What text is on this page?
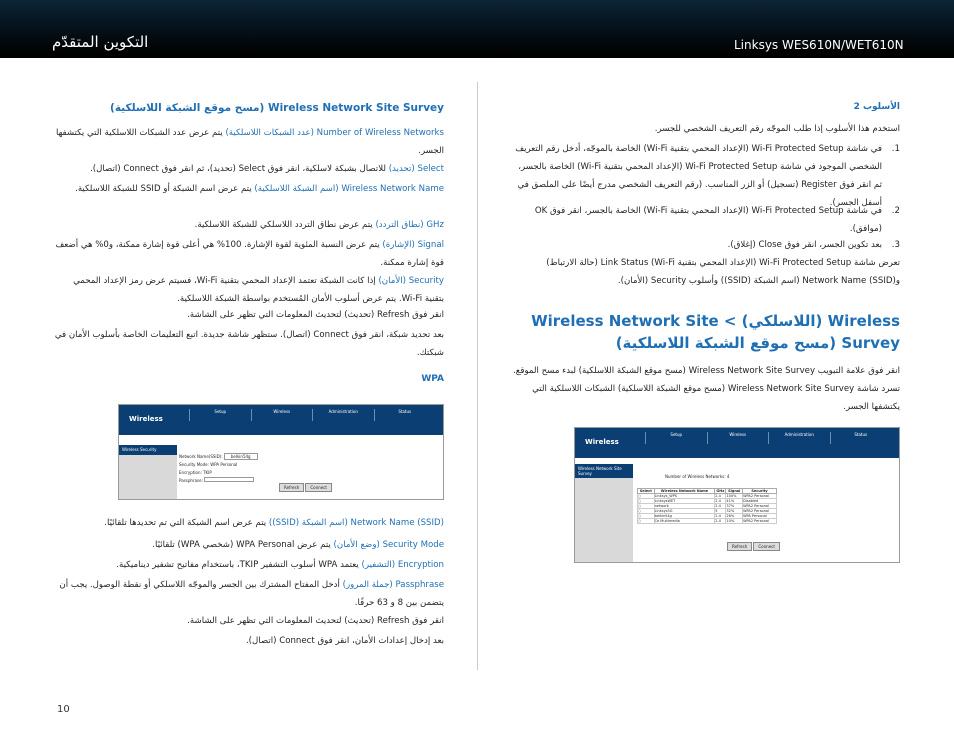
Linksys WES610N/WET610N
التكوين المتقدّم
Wireless Network Site Survey (مسح موقع الشبكة اللاسلكية)
Number of Wireless Networks (عدد الشبكات اللاسلكية) يتم عرض عدد الشبكات اللاسلكية التي يكتشفها الجسر.
Select (تحديد) للاتصال بشبكة لاسلكية، انقر فوق Select (تحديد)، ثم انقر فوق Connect (اتصال).
Wireless Network Name (اسم الشبكة اللاسلكية) يتم عرض اسم الشبكة أو SSID للشبكة اللاسلكية.
GHz (نطاق التردد) يتم عرض نطاق التردد اللاسلكي للشبكة اللاسلكية.
Signal (الإشارة) يتم عرض النسبة المئوية لقوة الإشارة. 100% هي أعلى قوة إشارة ممكنة، و0% هي أضعف قوة إشارة ممكنة.
Security (الأمان) إذا كانت الشبكة تعتمد الإعداد المحمي بتقنية Wi-Fi، فسيتم عرض رمز الإعداد المحمي بتقنية Wi-Fi. يتم عرض أسلوب الأمان المُستخدم بواسطة الشبكة اللاسلكية.
انقر فوق Refresh (تحديث) لتحديث المعلومات التي تظهر على الشاشة.
بعد تحديد شبكة، انقر فوق Connect (اتصال). ستظهر شاشة جديدة. اتبع التعليمات الخاصة بأسلوب الأمان في شبكتك.
WPA
Wireless
Setup	Wireless	Administration	Status
Wireless Security
Network Name(SSID): belkin54g
Security Mode: WPA Personal
Encryption: TKIP
Passphrase:
Refresh	Connect
Network Name (SSID) (اسم الشبكة (SSID)) يتم عرض اسم الشبكة التي تم تحديدها تلقائيًا.
Security Mode (وضع الأمان) يتم عرض WPA Personal (شخصي WPA) تلقائيًا.
Encryption (التشفير) يعتمد WPA أسلوب التشفير TKIP، باستخدام مفاتيح تشفير ديناميكية.
Passphrase (جملة المرور) أدخل المفتاح المشترك بين الجسر والموجّه اللاسلكي أو نقطة الوصول. يجب أن يتضمن بين 8 و 63 حرفًا.
انقر فوق Refresh (تحديث) لتحديث المعلومات التي تظهر على الشاشة.
بعد إدخال إعدادات الأمان، انقر فوق Connect (اتصال).
الأسلوب 2
استخدم هذا الأسلوب إذا طلب الموجّه رقم التعريف الشخصي للجسر.
1.
في شاشة Wi-Fi Protected Setup (الإعداد المحمي بتقنية Wi-Fi) الخاصة بالموجّه، أدخل رقم التعريف الشخصي الموجود في شاشة Wi-Fi Protected Setup (الإعداد المحمي بتقنية Wi-Fi) الخاصة بالجسر، ثم انقر فوق Register (تسجيل) أو الزر المناسب. (رقم التعريف الشخصي مدرج أيضًا على الملصق في أسفل الجسر).
2.
في شاشة Wi-Fi Protected Setup (الإعداد المحمي بتقنية Wi-Fi) الخاصة بالجسر، انقر فوق OK (موافق).
3.
بعد تكوين الجسر، انقر فوق Close (إغلاق).
تعرض شاشة Wi-Fi Protected Setup (الإعداد المحمي بتقنية Wi-Fi) Link Status (حالة الارتباط) وNetwork Name (SSID) (اسم الشبكة (SSID)) وأسلوب Security (الأمان).
Wireless (اللاسلكي) > Wireless Network Site Survey (مسح موقع الشبكة اللاسلكية)
انقر فوق علامة التبويب Wireless Network Site Survey (مسح موقع الشبكة اللاسلكية) لبدء مسح الموقع. تسرد شاشة Wireless Network Site Survey (مسح موقع الشبكة اللاسلكية) الشبكات اللاسلكية التي يكتشفها الجسر.
Wireless
Setup	Wireless	Administration	Status
Wireless Network Site Survey
Number of Wireless Networks: 4
Select	Wireless Network Name	GHz	Signal	Security
○	Linksys_WPS	2.4	100%	WPA2 Personal
○	LinksysWET	2.4	41%	Disabled
○	network	2.4	37%	WPA2 Personal
○	Linksys5G	5	32%	WPA2 Personal
○	belkin54g	2.4	26%	WPA Personal
○	Ce Multimedia	2.4	10%	WPA2 Personal
Refresh	Connect
10
